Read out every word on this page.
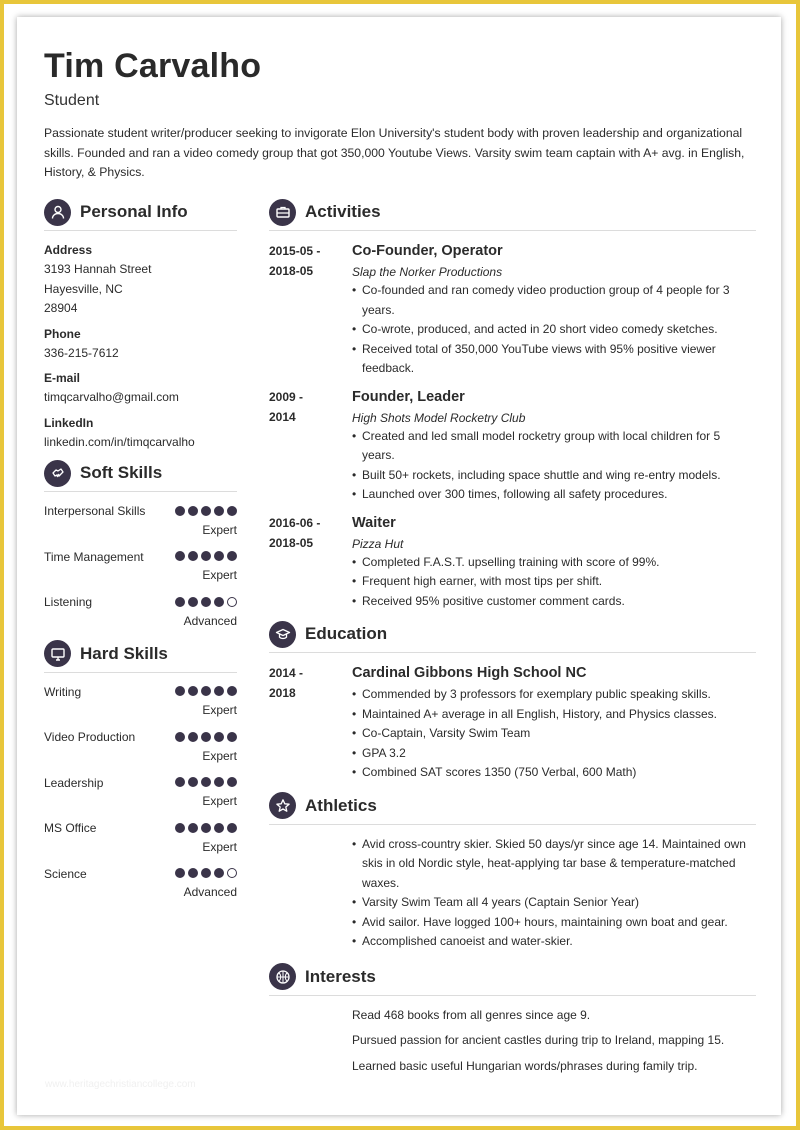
Tim Carvalho
Student
Passionate student writer/producer seeking to invigorate Elon University's student body with proven leadership and organizational skills. Founded and ran a video comedy group that got 350,000 Youtube Views. Varsity swim team captain with A+ avg. in English, History, & Physics.
Personal Info
Address
3193 Hannah Street
Hayesville, NC
28904
Phone
336-215-7612
E-mail
timqcarvalho@gmail.com
LinkedIn
linkedin.com/in/timqcarvalho
Soft Skills
Interpersonal Skills
Expert
Time Management
Expert
Listening
Advanced
Hard Skills
Writing
Expert
Video Production
Expert
Leadership
Expert
MS Office
Expert
Science
Advanced
Activities
2015-05 -
2018-05
Co-Founder, Operator
Slap the Norker Productions
• Co-founded and ran comedy video production group of 4 people for 3 years.
• Co-wrote, produced, and acted in 20 short video comedy sketches.
• Received total of 350,000 YouTube views with 95% positive viewer feedback.
2009 -
2014
Founder, Leader
High Shots Model Rocketry Club
• Created and led small model rocketry group with local children for 5 years.
• Built 50+ rockets, including space shuttle and wing re-entry models.
• Launched over 300 times, following all safety procedures.
2016-06 -
2018-05
Waiter
Pizza Hut
• Completed F.A.S.T. upselling training with score of 99%.
• Frequent high earner, with most tips per shift.
• Received 95% positive customer comment cards.
Education
2014 -
2018
Cardinal Gibbons High School NC
• Commended by 3 professors for exemplary public speaking skills.
• Maintained A+ average in all English, History, and Physics classes.
• Co-Captain, Varsity Swim Team
• GPA 3.2
• Combined SAT scores 1350 (750 Verbal, 600 Math)
Athletics
• Avid cross-country skier. Skied 50 days/yr since age 14. Maintained own skis in old Nordic style, heat-applying tar base & temperature-matched waxes.
• Varsity Swim Team all 4 years (Captain Senior Year)
• Avid sailor. Have logged 100+ hours, maintaining own boat and gear.
• Accomplished canoeist and water-skier.
Interests
Read 468 books from all genres since age 9.
Pursued passion for ancient castles during trip to Ireland, mapping 15.
Learned basic useful Hungarian words/phrases during family trip.
www.heritagechristiancollege.com
